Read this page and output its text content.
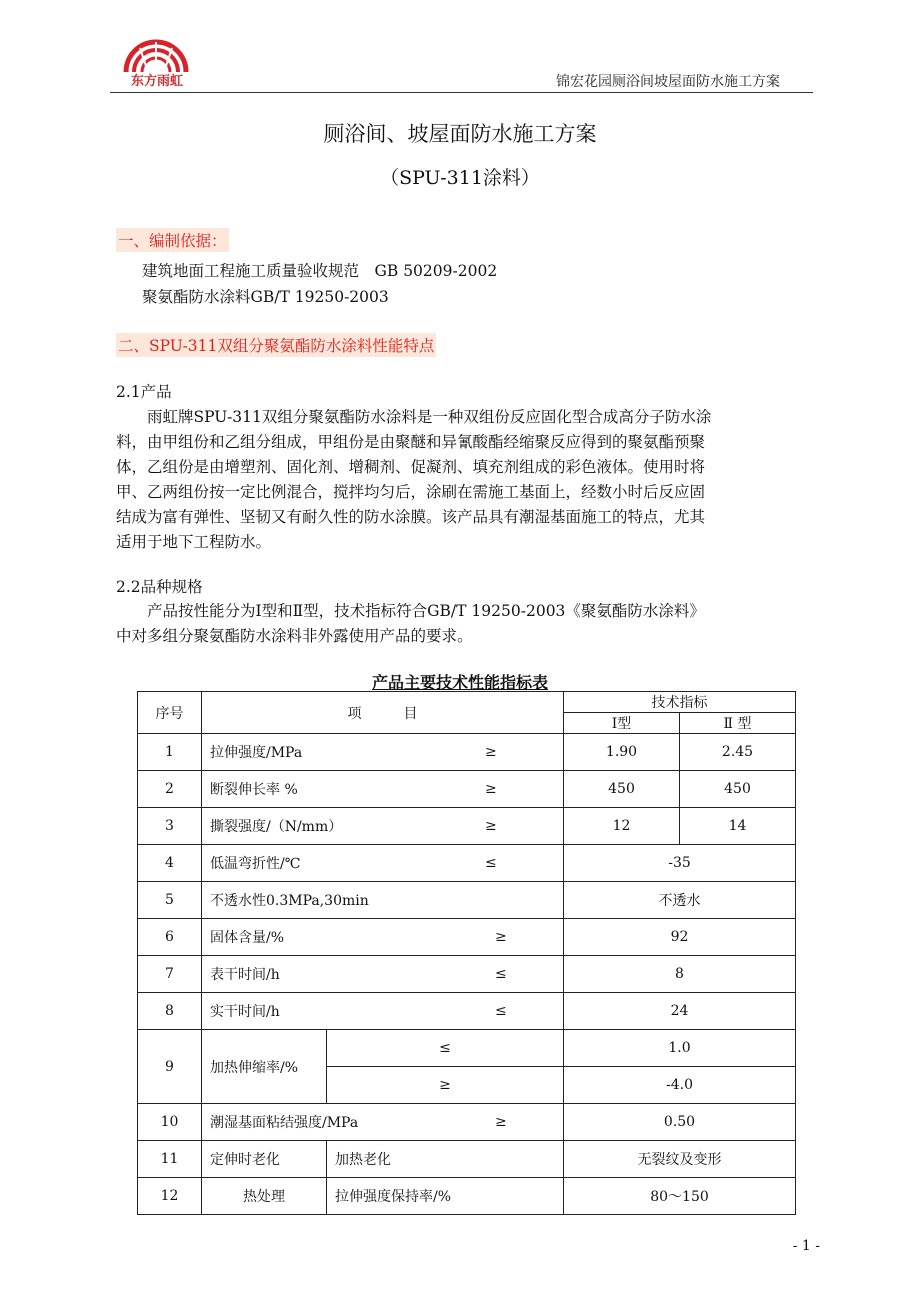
东方雨虹	锦宏花园厕浴间坡屋面防水施工方案
厕浴间、坡屋面防水施工方案
（SPU-311涂料）
一、编制依据：
建筑地面工程施工质量验收规范　GB 50209-2002
聚氨酯防水涂料GB/T 19250-2003
二、SPU-311双组分聚氨酯防水涂料性能特点
2.1产品
　　雨虹牌SPU-311双组分聚氨酯防水涂料是一种双组份反应固化型合成高分子防水涂
料，由甲组份和乙组分组成，甲组份是由聚醚和异氰酸酯经缩聚反应得到的聚氨酯预聚
体，乙组份是由增塑剂、固化剂、增稠剂、促凝剂、填充剂组成的彩色液体。使用时将
甲、乙两组份按一定比例混合，搅拌均匀后，涂刷在需施工基面上，经数小时后反应固
结成为富有弹性、坚韧又有耐久性的防水涂膜。该产品具有潮湿基面施工的特点，尤其
适用于地下工程防水。
2.2品种规格
　　产品按性能分为Ⅰ型和Ⅱ型，技术指标符合GB/T 19250-2003《聚氨酯防水涂料》
中对多组分聚氨酯防水涂料非外露使用产品的要求。
产品主要技术性能指标表
序号	项　　　目		技术指标	
			Ⅰ型	Ⅱ 型
1	拉伸强度/MPa ≥		1.90	2.45
2	断裂伸长率 % ≥		450	450
3	撕裂强度/（N/mm） ≥		12	14
4	低温弯折性/℃ ≤		-35	
5	不透水性0.3MPa,30min		不透水	
6	固体含量/% ≥		92	
7	表干时间/h ≤		8	
8	实干时间/h ≤		24	
9	加热伸缩率/%	≤	1.0	
		≥	-4.0	
10	潮湿基面粘结强度/MPa ≥		0.50	
11	定伸时老化	加热老化	无裂纹及变形	
12	热处理	拉伸强度保持率/%	80～150	
- 1 -
